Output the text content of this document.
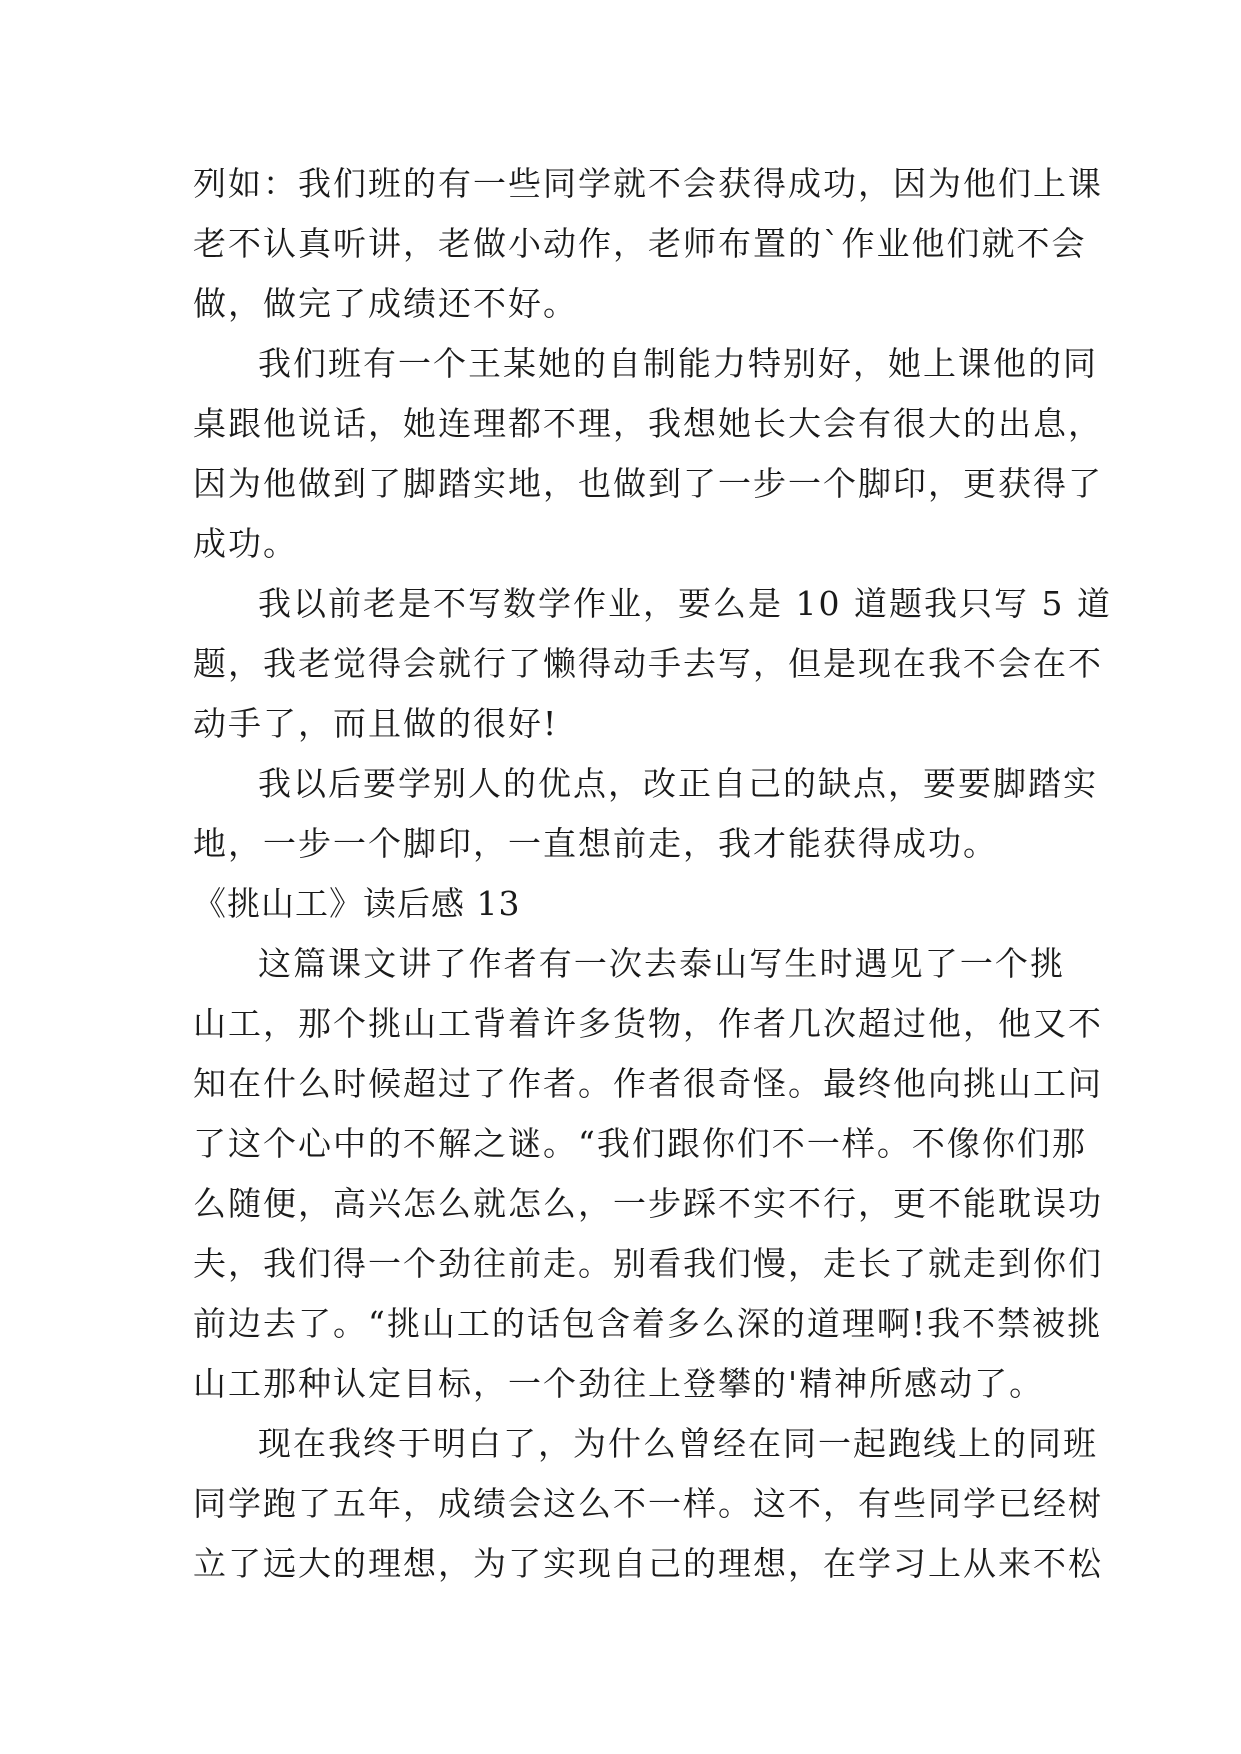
列如：我们班的有一些同学就不会获得成功，因为他们上课
老不认真听讲，老做小动作，老师布置的`作业他们就不会
做，做完了成绩还不好。
我们班有一个王某她的自制能力特别好，她上课他的同
桌跟他说话，她连理都不理，我想她长大会有很大的出息，
因为他做到了脚踏实地，也做到了一步一个脚印，更获得了
成功。
我以前老是不写数学作业，要么是 10 道题我只写 5 道
题，我老觉得会就行了懒得动手去写，但是现在我不会在不
动手了，而且做的很好!
我以后要学别人的优点，改正自己的缺点，要要脚踏实
地，一步一个脚印，一直想前走，我才能获得成功。
《挑山工》读后感 13
这篇课文讲了作者有一次去泰山写生时遇见了一个挑
山工，那个挑山工背着许多货物，作者几次超过他，他又不
知在什么时候超过了作者。作者很奇怪。最终他向挑山工问
了这个心中的不解之谜。“我们跟你们不一样。不像你们那
么随便，高兴怎么就怎么，一步踩不实不行，更不能耽误功
夫，我们得一个劲往前走。别看我们慢，走长了就走到你们
前边去了。“挑山工的话包含着多么深的道理啊!我不禁被挑
山工那种认定目标，一个劲往上登攀的'精神所感动了。
现在我终于明白了，为什么曾经在同一起跑线上的同班
同学跑了五年，成绩会这么不一样。这不，有些同学已经树
立了远大的理想，为了实现自己的理想，在学习上从来不松
